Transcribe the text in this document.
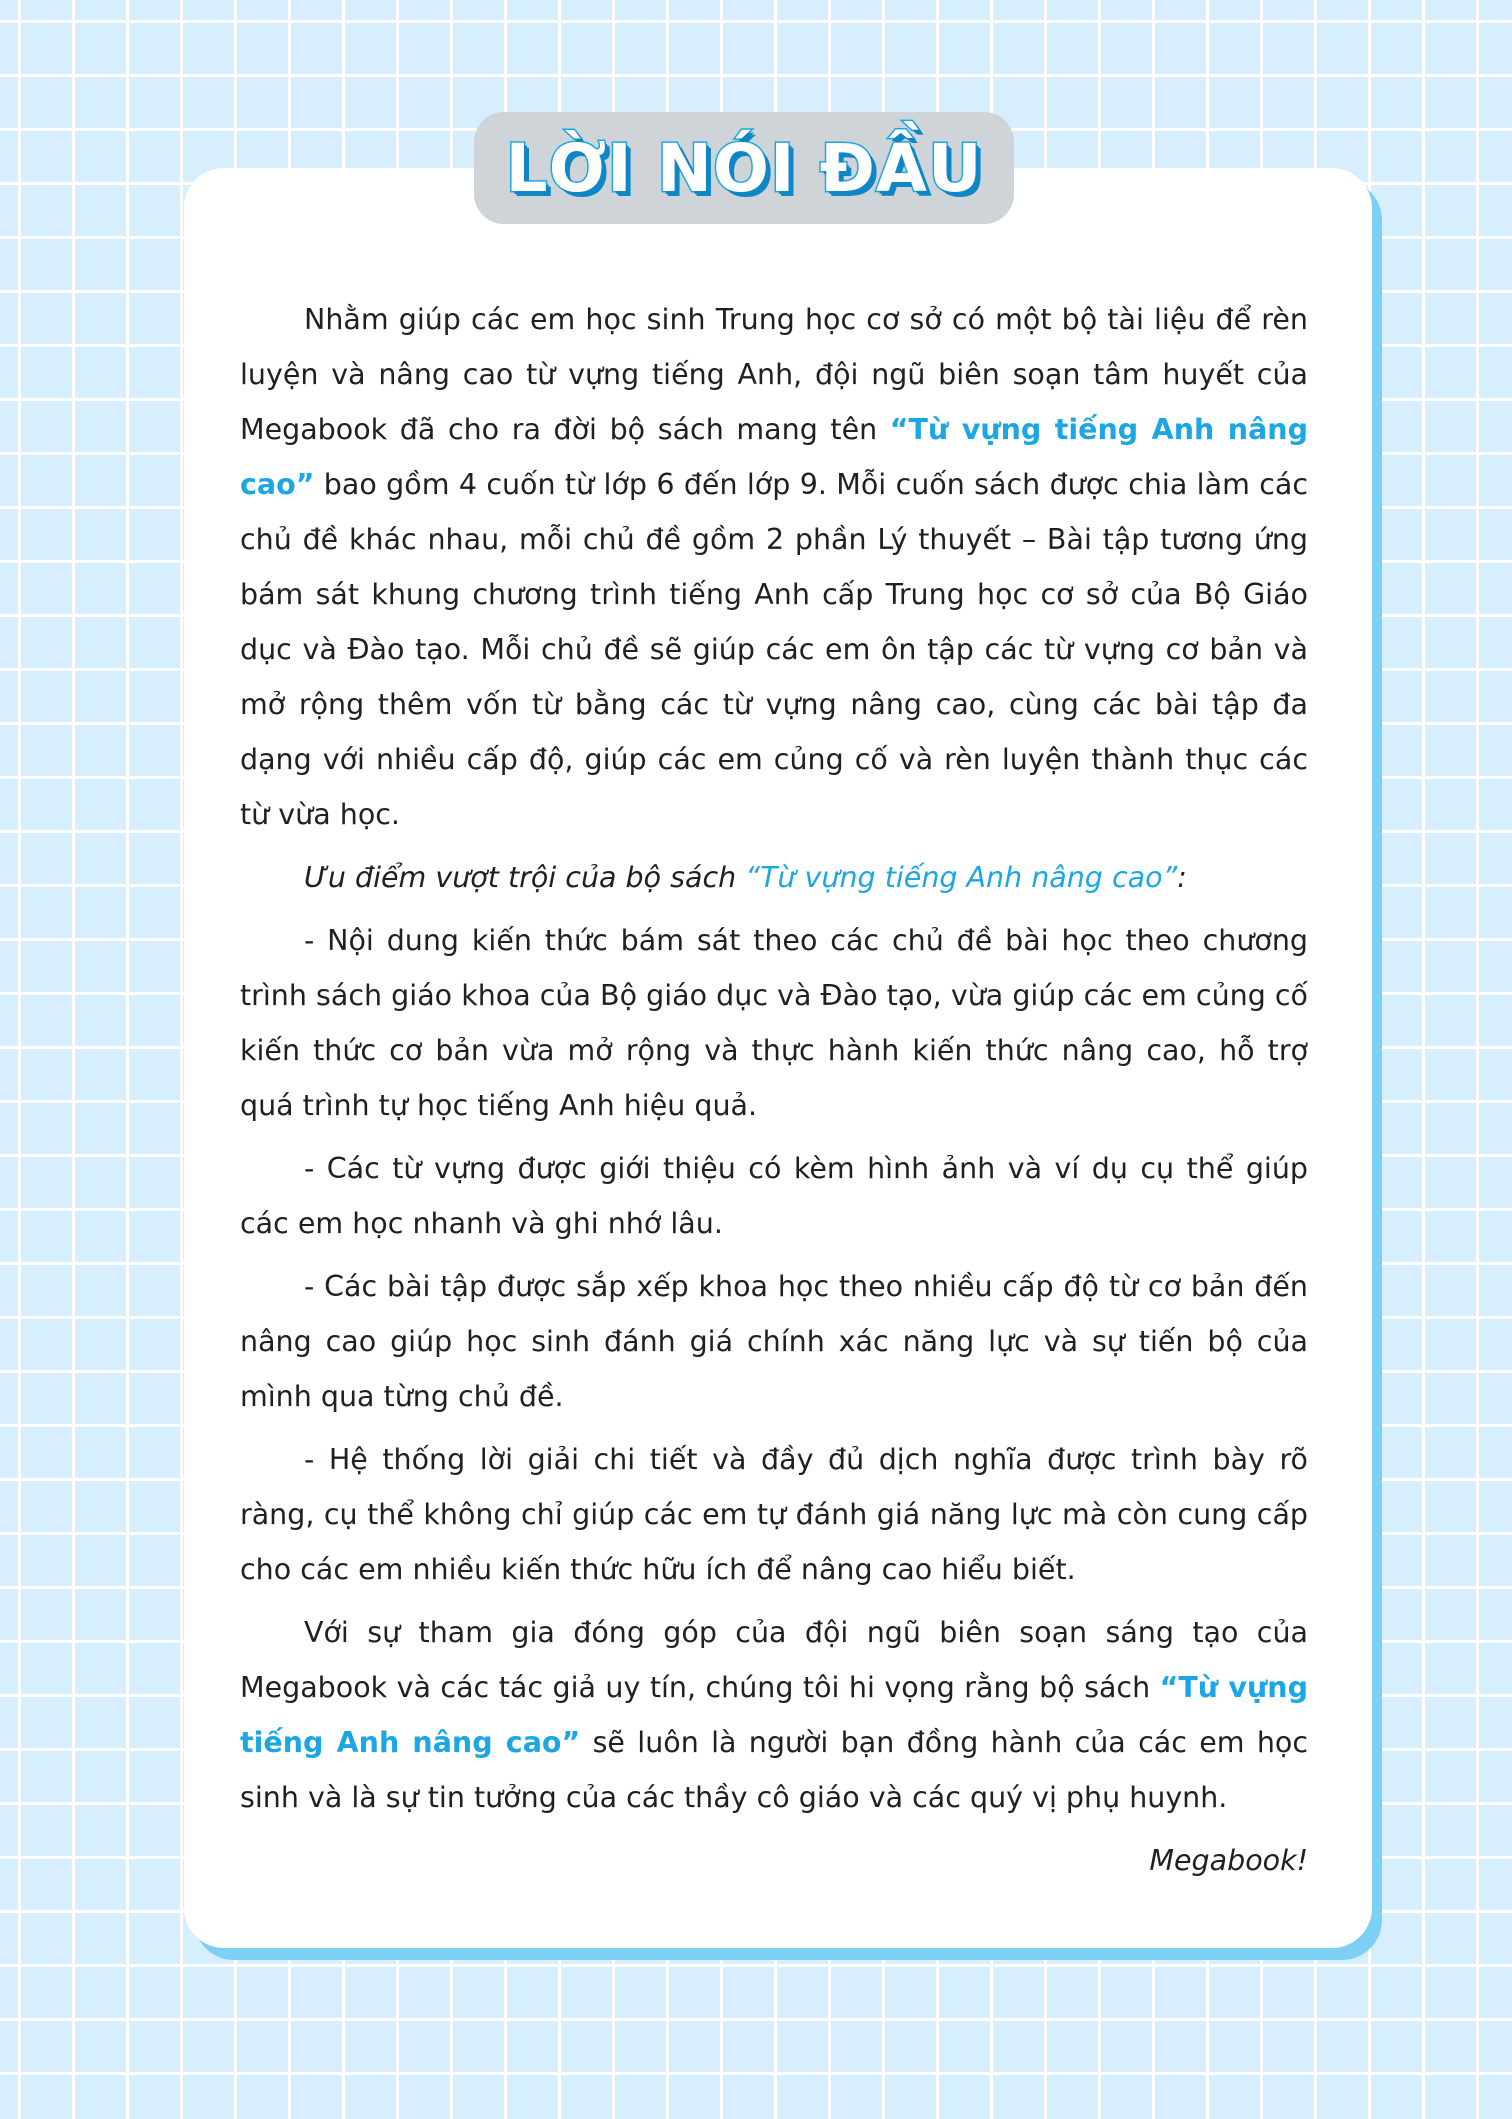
LỜI NÓI ĐẦU

Nhằm giúp các em học sinh Trung học cơ sở có một bộ tài liệu để rèn luyện và nâng cao từ vựng tiếng Anh, đội ngũ biên soạn tâm huyết của Megabook đã cho ra đời bộ sách mang tên “Từ vựng tiếng Anh nâng cao” bao gồm 4 cuốn từ lớp 6 đến lớp 9. Mỗi cuốn sách được chia làm các chủ đề khác nhau, mỗi chủ đề gồm 2 phần Lý thuyết – Bài tập tương ứng bám sát khung chương trình tiếng Anh cấp Trung học cơ sở của Bộ Giáo dục và Đào tạo. Mỗi chủ đề sẽ giúp các em ôn tập các từ vựng cơ bản và mở rộng thêm vốn từ bằng các từ vựng nâng cao, cùng các bài tập đa dạng với nhiều cấp độ, giúp các em củng cố và rèn luyện thành thục các từ vừa học.

Ưu điểm vượt trội của bộ sách “Từ vựng tiếng Anh nâng cao”:

- Nội dung kiến thức bám sát theo các chủ đề bài học theo chương trình sách giáo khoa của Bộ giáo dục và Đào tạo, vừa giúp các em củng cố kiến thức cơ bản vừa mở rộng và thực hành kiến thức nâng cao, hỗ trợ quá trình tự học tiếng Anh hiệu quả.

- Các từ vựng được giới thiệu có kèm hình ảnh và ví dụ cụ thể giúp các em học nhanh và ghi nhớ lâu.

- Các bài tập được sắp xếp khoa học theo nhiều cấp độ từ cơ bản đến nâng cao giúp học sinh đánh giá chính xác năng lực và sự tiến bộ của mình qua từng chủ đề.

- Hệ thống lời giải chi tiết và đầy đủ dịch nghĩa được trình bày rõ ràng, cụ thể không chỉ giúp các em tự đánh giá năng lực mà còn cung cấp cho các em nhiều kiến thức hữu ích để nâng cao hiểu biết.

Với sự tham gia đóng góp của đội ngũ biên soạn sáng tạo của Megabook và các tác giả uy tín, chúng tôi hi vọng rằng bộ sách “Từ vựng tiếng Anh nâng cao” sẽ luôn là người bạn đồng hành của các em học sinh và là sự tin tưởng của các thầy cô giáo và các quý vị phụ huynh.

Megabook!
